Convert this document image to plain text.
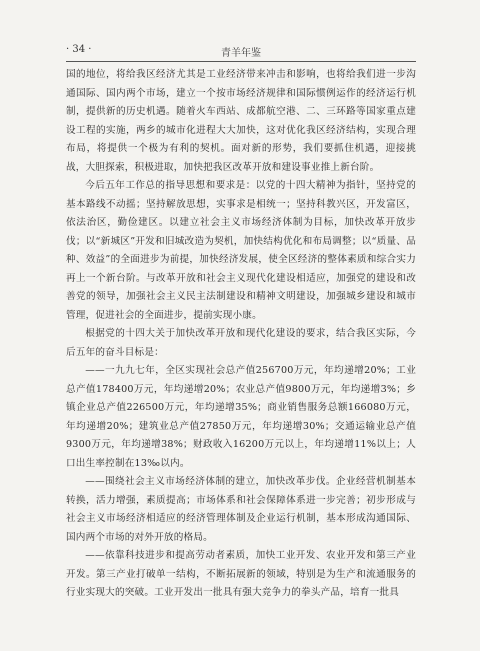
· 34 ·	青羊年鉴

国的地位，将给我区经济尤其是工业经济带来冲击和影响，也将给我们进一步沟通国际、国内两个市场，建立一个按市场经济规律和国际惯例运作的经济运行机制，提供新的历史机遇。随着火车西站、成都航空港、二、三环路等国家重点建设工程的实施，两乡的城市化进程大大加快，这对优化我区经济结构，实现合理布局，将提供一个极为有利的契机。面对新的形势，我们要抓住机遇，迎接挑战，大胆探索，积极进取，加快把我区改革开放和建设事业推上新台阶。

今后五年工作总的指导思想和要求是：以党的十四大精神为指针，坚持党的基本路线不动摇；坚持解放思想，实事求是相统一；坚持科教兴区，开发富区，依法治区，勤俭建区。以建立社会主义市场经济体制为目标，加快改革开放步伐；以“新城区”开发和旧城改造为契机，加快结构优化和布局调整；以“质量、品种、效益”的全面进步为前提，加快经济发展，使全区经济的整体素质和综合实力再上一个新台阶。与改革开放和社会主义现代化建设相适应，加强党的建设和改善党的领导，加强社会主义民主法制建设和精神文明建设，加强城乡建设和城市管理，促进社会的全面进步，提前实现小康。

根据党的十四大关于加快改革开放和现代化建设的要求，结合我区实际，今后五年的奋斗目标是：

——一九九七年，全区实现社会总产值256700万元，年均递增20%；工业总产值178400万元，年均递增20%；农业总产值9800万元，年均递增3%；乡镇企业总产值226500万元，年均递增35%；商业销售服务总额166080万元，年均递增20%；建筑业总产值27850万元，年均递增30%；交通运输业总产值9300万元，年均递增38%；财政收入16200万元以上，年均递增11%以上；人口出生率控制在13‰以内。

——围绕社会主义市场经济体制的建立，加快改革步伐。企业经营机制基本转换，活力增强，素质提高；市场体系和社会保障体系进一步完善；初步形成与社会主义市场经济相适应的经济管理体制及企业运行机制，基本形成沟通国际、国内两个市场的对外开放的格局。

——依靠科技进步和提高劳动者素质，加快工业开发、农业开发和第三产业开发。第三产业打破单一结构，不断拓展新的领域，特别是为生产和流通服务的行业实现大的突破。工业开发出一批具有强大竞争力的拳头产品，培育一批具
